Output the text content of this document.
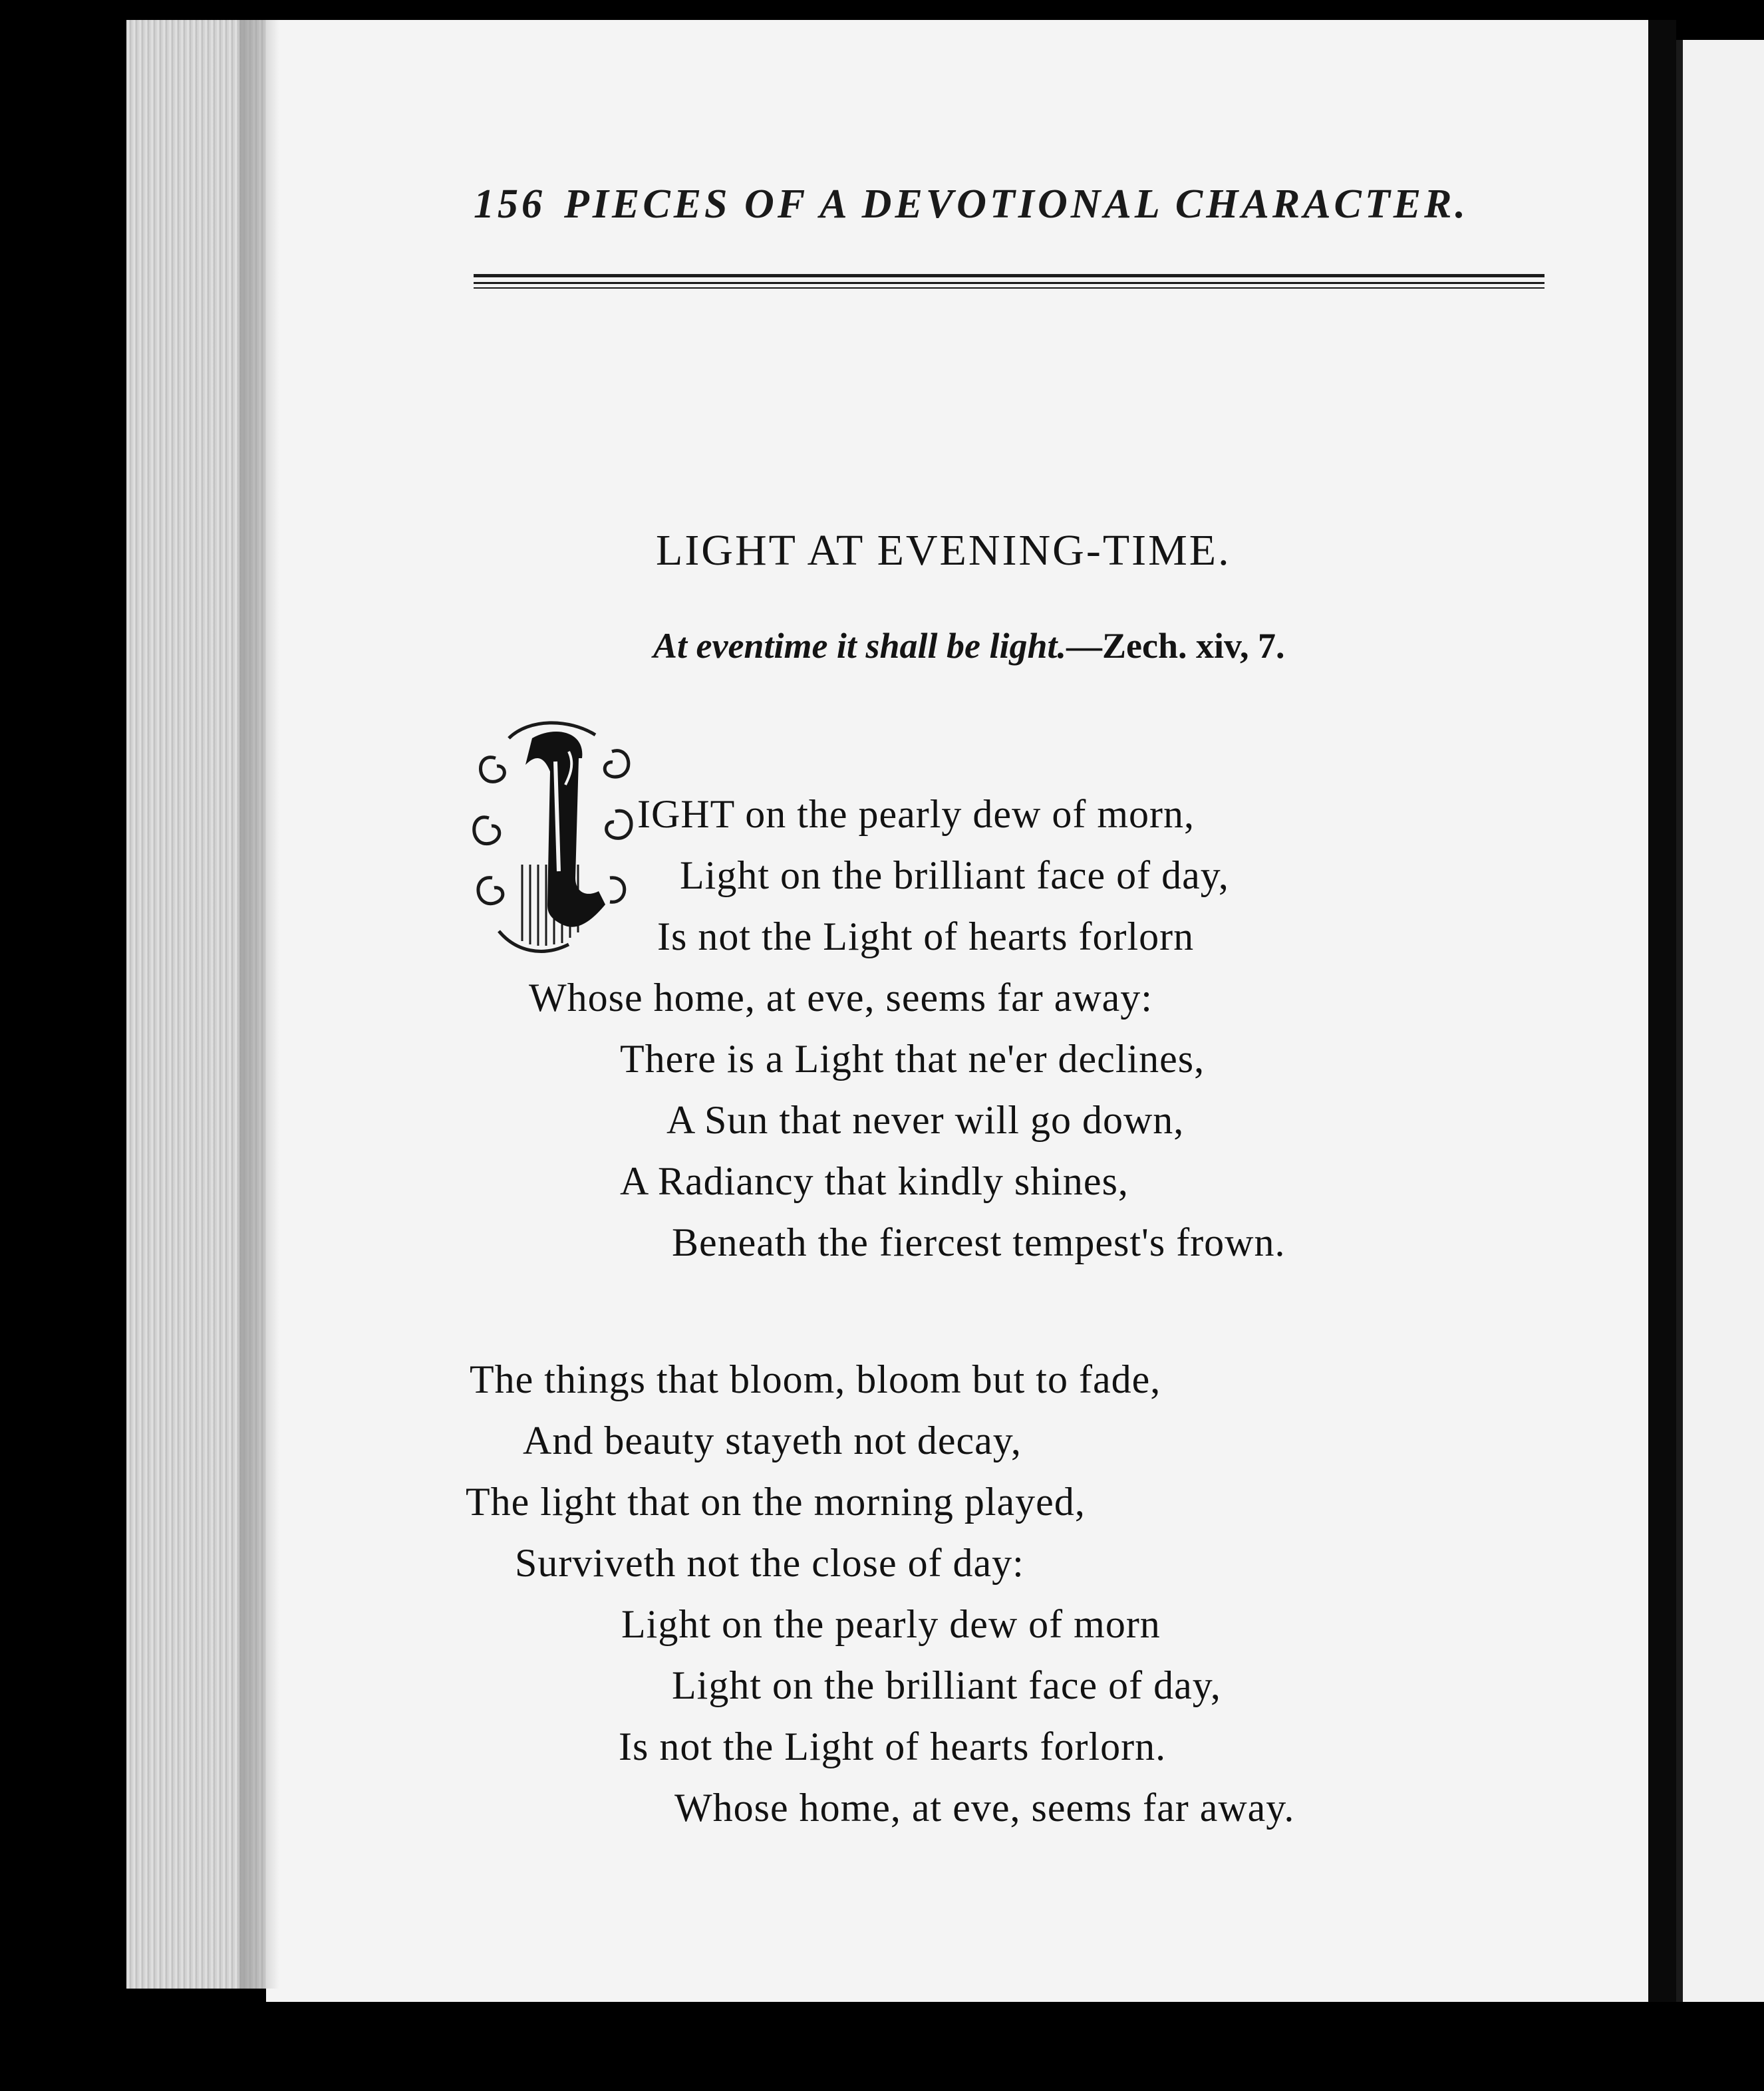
156 PIECES OF A DEVOTIONAL CHARACTER.
LIGHT AT EVENING-TIME.
At eventime it shall be light.—Zech. xiv, 7.
IGHT on the pearly dew of morn,
Light on the brilliant face of day,
Is not the Light of hearts forlorn
Whose home, at eve, seems far away:
There is a Light that ne'er declines,
A Sun that never will go down,
A Radiancy that kindly shines,
Beneath the fiercest tempest's frown.
The things that bloom, bloom but to fade,
And beauty stayeth not decay,
The light that on the morning played,
Surviveth not the close of day:
Light on the pearly dew of morn
Light on the brilliant face of day,
Is not the Light of hearts forlorn.
Whose home, at eve, seems far away.
